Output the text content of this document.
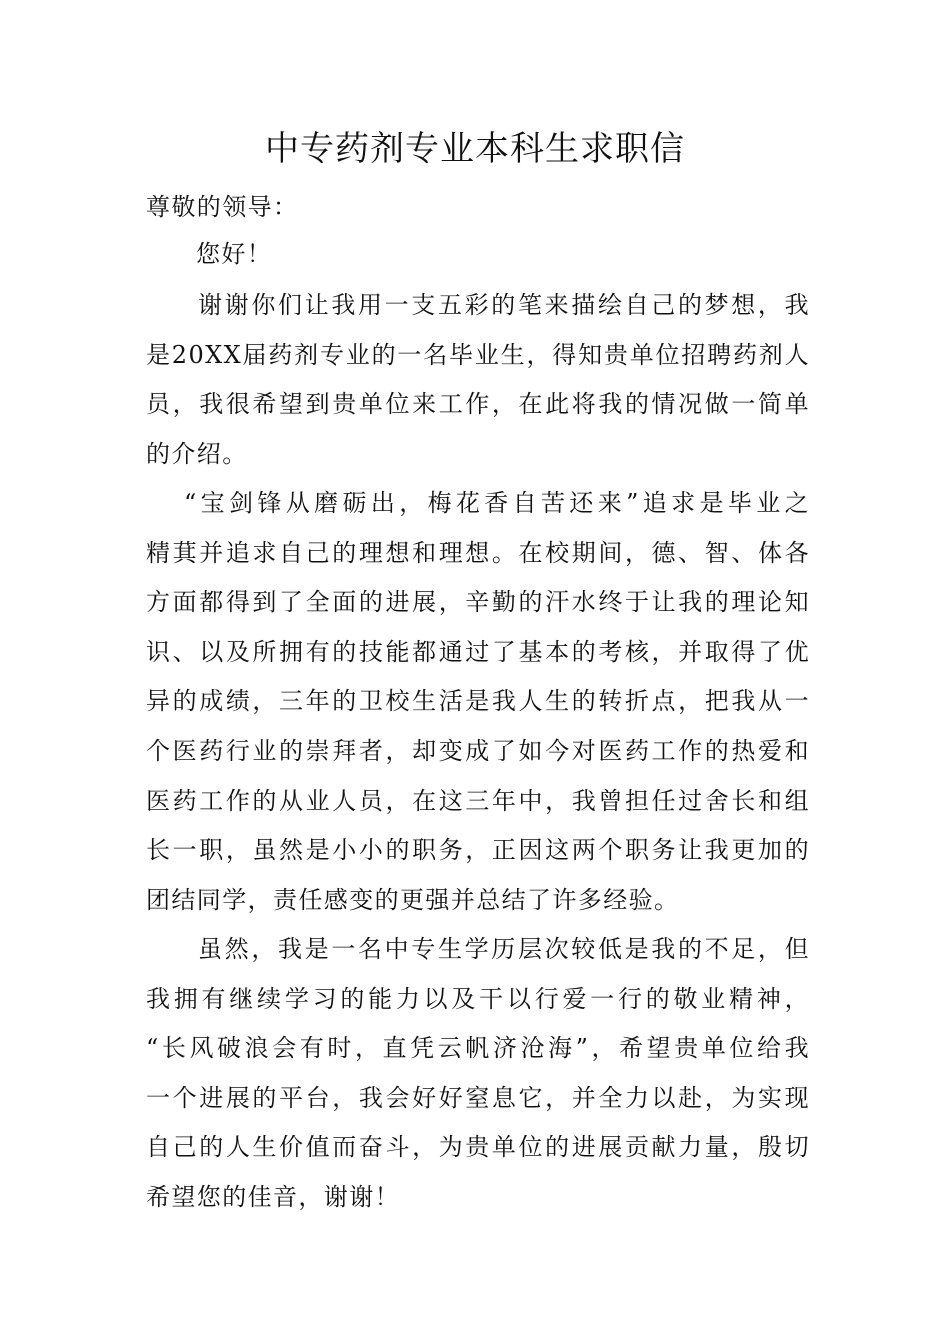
中专药剂专业本科生求职信
尊敬的领导：
您好！
谢谢你们让我用一支五彩的笔来描绘自己的梦想，我
是20XX届药剂专业的一名毕业生，得知贵单位招聘药剂人
员，我很希望到贵单位来工作，在此将我的情况做一简单
的介绍。
“宝剑锋从磨砺出，梅花香自苦还来”追求是毕业之
精萁并追求自己的理想和理想。在校期间，德、智、体各
方面都得到了全面的进展，辛勤的汗水终于让我的理论知
识、以及所拥有的技能都通过了基本的考核，并取得了优
异的成绩，三年的卫校生活是我人生的转折点，把我从一
个医药行业的崇拜者，却变成了如今对医药工作的热爱和
医药工作的从业人员，在这三年中，我曾担任过舍长和组
长一职，虽然是小小的职务，正因这两个职务让我更加的
团结同学，责任感变的更强并总结了许多经验。
虽然，我是一名中专生学历层次较低是我的不足，但
我拥有继续学习的能力以及干以行爱一行的敬业精神，
“长风破浪会有时，直凭云帆济沧海”，希望贵单位给我
一个进展的平台，我会好好窒息它，并全力以赴，为实现
自己的人生价值而奋斗，为贵单位的进展贡献力量，殷切
希望您的佳音，谢谢！
